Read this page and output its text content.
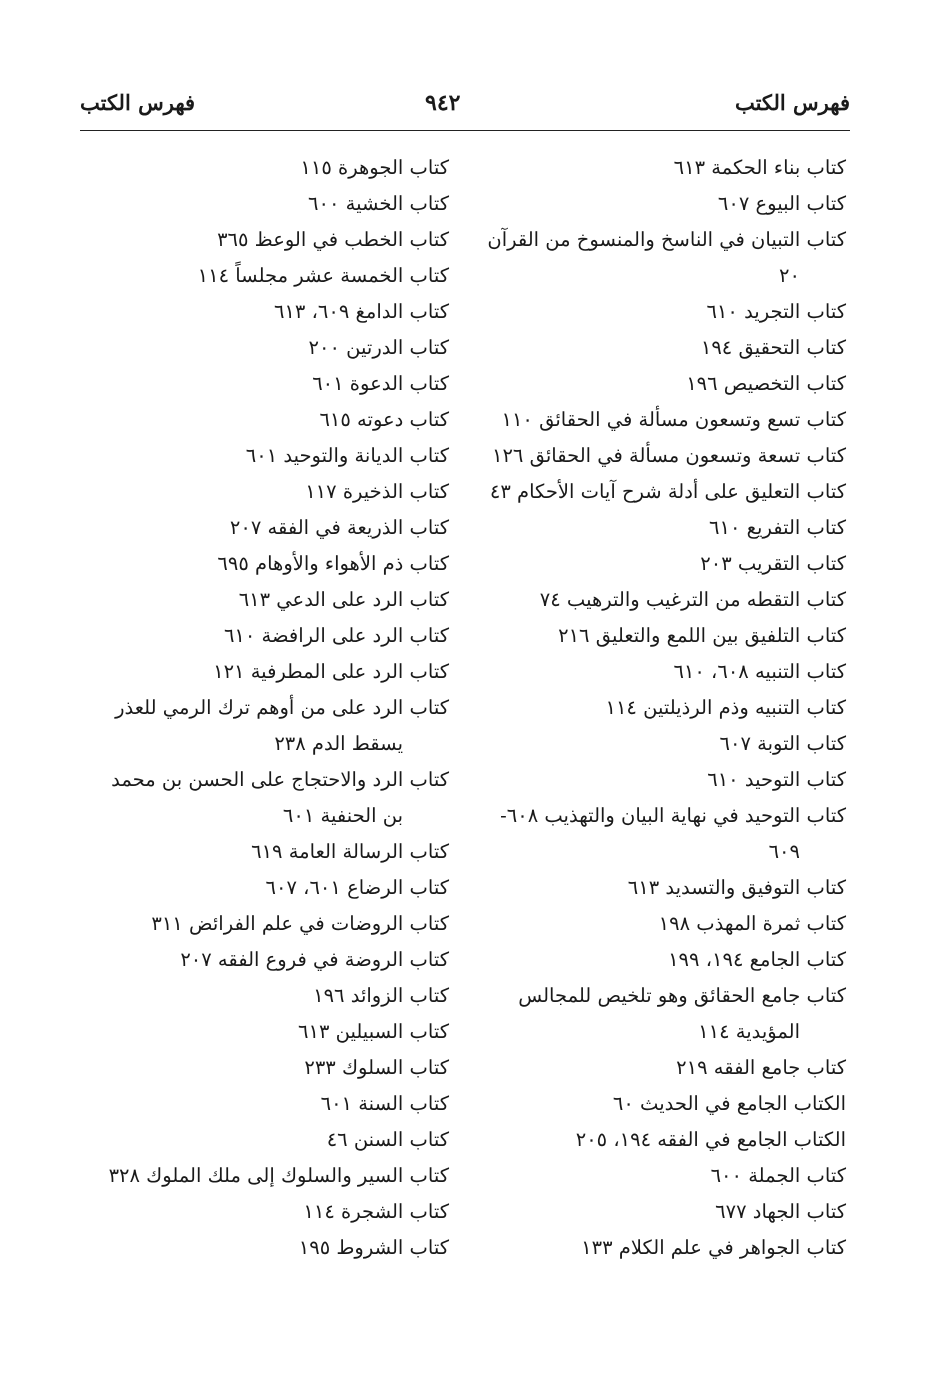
فهرس الكتب
٩٤٢
فهرس الكتب
كتاب بناء الحكمة ٦١٣
كتاب البيوع ٦٠٧
كتاب التبيان في الناسخ والمنسوخ من القرآن
٢٠
كتاب التجريد ٦١٠
كتاب التحقيق ١٩٤
كتاب التخصيص ١٩٦
كتاب تسع وتسعون مسألة في الحقائق ١١٠
كتاب تسعة وتسعون مسألة في الحقائق ١٢٦
كتاب التعليق على أدلة شرح آيات الأحكام ٤٣
كتاب التفريع ٦١٠
كتاب التقريب ٢٠٣
كتاب التقطه من الترغيب والترهيب ٧٤
كتاب التلفيق بين اللمع والتعليق ٢١٦
كتاب التنبيه ٦٠٨، ٦١٠
كتاب التنبيه وذم الرذيلتين ١١٤
كتاب التوبة ٦٠٧
كتاب التوحيد ٦١٠
كتاب التوحيد في نهاية البيان والتهذيب ٦٠٨-
٦٠٩
كتاب التوفيق والتسديد ٦١٣
كتاب ثمرة المهذب ١٩٨
كتاب الجامع ١٩٤، ١٩٩
كتاب جامع الحقائق وهو تلخيص للمجالس
المؤيدية ١١٤
كتاب جامع الفقه ٢١٩
الكتاب الجامع في الحديث ٦٠
الكتاب الجامع في الفقه ١٩٤، ٢٠٥
كتاب الجملة ٦٠٠
كتاب الجهاد ٦٧٧
كتاب الجواهر في علم الكلام ١٣٣
كتاب الجوهرة ١١٥
كتاب الخشية ٦٠٠
كتاب الخطب في الوعظ ٣٦٥
كتاب الخمسة عشر مجلساً ١١٤
كتاب الدامغ ٦٠٩، ٦١٣
كتاب الدرتين ٢٠٠
كتاب الدعوة ٦٠١
كتاب دعوته ٦١٥
كتاب الديانة والتوحيد ٦٠١
كتاب الذخيرة ١١٧
كتاب الذريعة في الفقه ٢٠٧
كتاب ذم الأهواء والأوهام ٦٩٥
كتاب الرد على الدعي ٦١٣
كتاب الرد على الرافضة ٦١٠
كتاب الرد على المطرفية ١٢١
كتاب الرد على من أوهم ترك الرمي للعذر
يسقط الدم ٢٣٨
كتاب الرد والاحتجاج على الحسن بن محمد
بن الحنفية ٦٠١
كتاب الرسالة العامة ٦١٩
كتاب الرضاع ٦٠١، ٦٠٧
كتاب الروضات في علم الفرائض ٣١١
كتاب الروضة في فروع الفقه ٢٠٧
كتاب الزوائد ١٩٦
كتاب السبيلين ٦١٣
كتاب السلوك ٢٣٣
كتاب السنة ٦٠١
كتاب السنن ٤٦
كتاب السير والسلوك إلى ملك الملوك ٣٢٨
كتاب الشجرة ١١٤
كتاب الشروط ١٩٥
